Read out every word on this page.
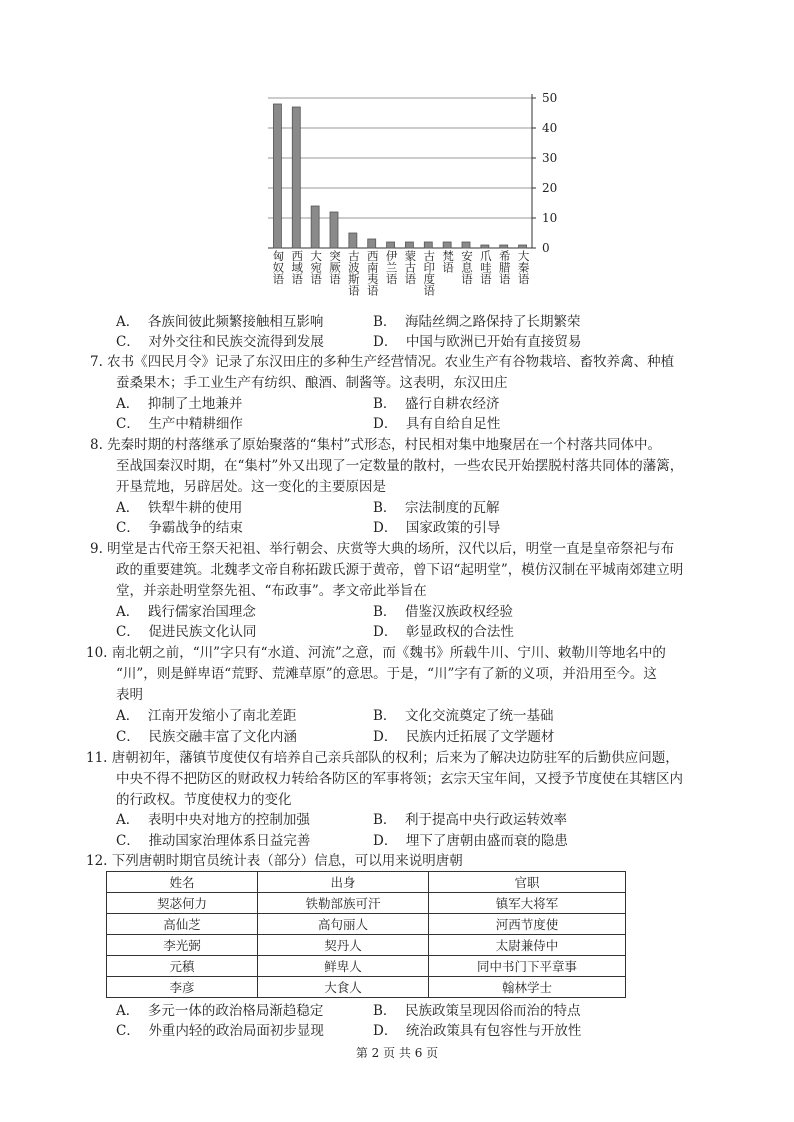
0
10
20
30
40
50
匈奴语 西域语 大宛语 突厥语 古波斯语 西南夷语 伊兰语 蒙古语 古印度语 梵语 安息语 爪哇语 希腊语 大秦语
A． 各族间彼此频繁接触相互影响	B． 海陆丝绸之路保持了长期繁荣
C． 对外交往和民族交流得到发展	D． 中国与欧洲已开始有直接贸易
7. 农书《四民月令》记录了东汉田庄的多种生产经营情况。农业生产有谷物栽培、畜牧养禽、种植
蚕桑果木；手工业生产有纺织、酿酒、制酱等。这表明，东汉田庄
A． 抑制了土地兼并	B． 盛行自耕农经济
C． 生产中精耕细作	D． 具有自给自足性
8. 先秦时期的村落继承了原始聚落的“集村”式形态，村民相对集中地聚居在一个村落共同体中。
至战国秦汉时期，在“集村”外又出现了一定数量的散村，一些农民开始摆脱村落共同体的藩篱，
开垦荒地，另辟居处。这一变化的主要原因是
A． 铁犁牛耕的使用	B． 宗法制度的瓦解
C． 争霸战争的结束	D． 国家政策的引导
9. 明堂是古代帝王祭天祀祖、举行朝会、庆赏等大典的场所，汉代以后，明堂一直是皇帝祭祀与布
政的重要建筑。北魏孝文帝自称拓跋氏源于黄帝，曾下诏“起明堂”，模仿汉制在平城南郊建立明
堂，并亲赴明堂祭先祖、“布政事”。孝文帝此举旨在
A． 践行儒家治国理念	B． 借鉴汉族政权经验
C． 促进民族文化认同	D． 彰显政权的合法性
10. 南北朝之前，“川”字只有“水道、河流”之意，而《魏书》所载牛川、宁川、敕勒川等地名中的
“川”，则是鲜卑语“荒野、荒滩草原”的意思。于是，“川”字有了新的义项，并沿用至今。这
表明
A． 江南开发缩小了南北差距	B． 文化交流奠定了统一基础
C． 民族交融丰富了文化内涵	D． 民族内迁拓展了文学题材
11. 唐朝初年，藩镇节度使仅有培养自己亲兵部队的权利；后来为了解决边防驻军的后勤供应问题，
中央不得不把防区的财政权力转给各防区的军事将领；玄宗天宝年间，又授予节度使在其辖区内
的行政权。节度使权力的变化
A． 表明中央对地方的控制加强	B． 利于提高中央行政运转效率
C． 推动国家治理体系日益完善	D． 埋下了唐朝由盛而衰的隐患
12. 下列唐朝时期官员统计表（部分）信息，可以用来说明唐朝
姓名	出身	官职
契苾何力	铁勒部族可汗	镇军大将军
高仙芝	高句丽人	河西节度使
李光弼	契丹人	太尉兼侍中
元稹	鲜卑人	同中书门下平章事
李彦	大食人	翰林学士
A． 多元一体的政治格局渐趋稳定	B． 民族政策呈现因俗而治的特点
C． 外重内轻的政治局面初步显现	D． 统治政策具有包容性与开放性
第 2 页 共 6 页
